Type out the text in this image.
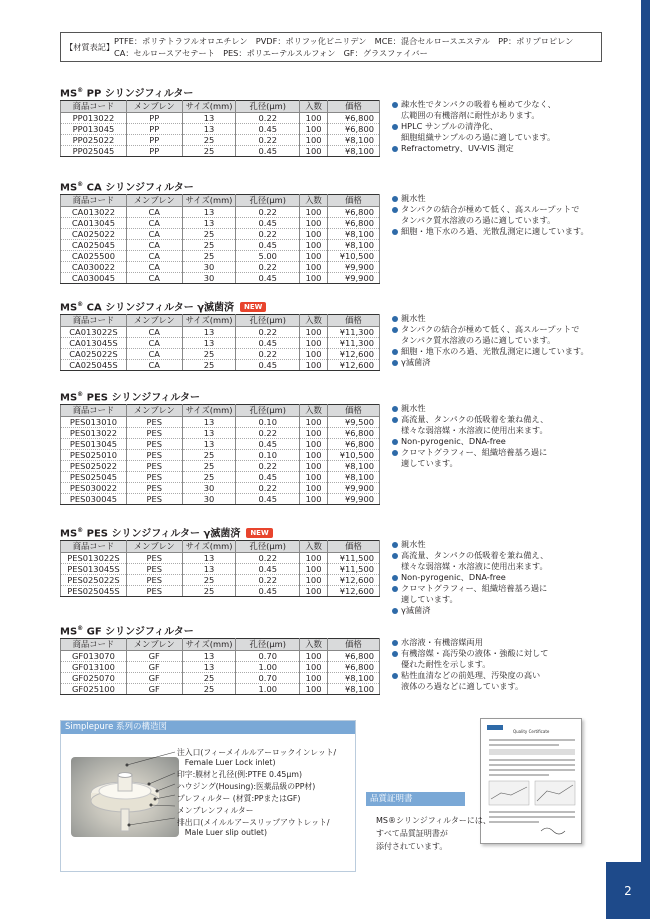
2
【材質表記】
PTFE：ポリテトラフルオロエチレン　PVDF：ポリフッ化ビニリデン　MCE：混合セルロースエステル　PP：ポリプロピレン
CA：セルロースアセテート　PES：ポリエーテルスルフォン　GF：グラスファイバー
MS® PP シリンジフィルター
商品コード	メンブレン	サイズ(mm)	孔径(μm)	入数	価格
PP013022	PP	13	0.22	100	¥6,800
PP013045	PP	13	0.45	100	¥6,800
PP025022	PP	25	0.22	100	¥8,100
PP025045	PP	25	0.45	100	¥8,100
疎水性でタンパクの吸着も極めて少なく、
広範囲の有機溶剤に耐性があります。
HPLC サンプルの清浄化、
細胞組織サンプルのろ過に適しています。
Refractometry、UV-VIS 測定
MS® CA シリンジフィルター
商品コード	メンブレン	サイズ(mm)	孔径(μm)	入数	価格
CA013022	CA	13	0.22	100	¥6,800
CA013045	CA	13	0.45	100	¥6,800
CA025022	CA	25	0.22	100	¥8,100
CA025045	CA	25	0.45	100	¥8,100
CA025500	CA	25	5.00	100	¥10,500
CA030022	CA	30	0.22	100	¥9,900
CA030045	CA	30	0.45	100	¥9,900
親水性
タンパクの結合が極めて低く、高スループットで
タンパク質水溶液のろ過に適しています。
細胞・地下水のろ過、光散乱測定に適しています。
MS® CA シリンジフィルター γ滅菌済 NEW
商品コード	メンブレン	サイズ(mm)	孔径(μm)	入数	価格
CA013022S	CA	13	0.22	100	¥11,300
CA013045S	CA	13	0.45	100	¥11,300
CA025022S	CA	25	0.22	100	¥12,600
CA025045S	CA	25	0.45	100	¥12,600
親水性
タンパクの結合が極めて低く、高スループットで
タンパク質水溶液のろ過に適しています。
細胞・地下水のろ過、光散乱測定に適しています。
γ滅菌済
MS® PES シリンジフィルター
商品コード	メンブレン	サイズ(mm)	孔径(μm)	入数	価格
PES013010	PES	13	0.10	100	¥9,500
PES013022	PES	13	0.22	100	¥6,800
PES013045	PES	13	0.45	100	¥6,800
PES025010	PES	25	0.10	100	¥10,500
PES025022	PES	25	0.22	100	¥8,100
PES025045	PES	25	0.45	100	¥8,100
PES030022	PES	30	0.22	100	¥9,900
PES030045	PES	30	0.45	100	¥9,900
親水性
高流量、タンパクの低吸着を兼ね備え、
様々な弱溶媒・水溶液に使用出来ます。
Non-pyrogenic、DNA-free
クロマトグラフィー、組織培養基ろ過に
適しています。
MS® PES シリンジフィルター γ滅菌済 NEW
商品コード	メンブレン	サイズ(mm)	孔径(μm)	入数	価格
PES013022S	PES	13	0.22	100	¥11,500
PES013045S	PES	13	0.45	100	¥11,500
PES025022S	PES	25	0.22	100	¥12,600
PES025045S	PES	25	0.45	100	¥12,600
親水性
高流量、タンパクの低吸着を兼ね備え、
様々な弱溶媒・水溶液に使用出来ます。
Non-pyrogenic、DNA-free
クロマトグラフィー、組織培養基ろ過に
適しています。
γ滅菌済
MS® GF シリンジフィルター
商品コード	メンブレン	サイズ(mm)	孔径(μm)	入数	価格
GF013070	GF	13	0.70	100	¥6,800
GF013100	GF	13	1.00	100	¥6,800
GF025070	GF	25	0.70	100	¥8,100
GF025100	GF	25	1.00	100	¥8,100
水溶液・有機溶媒両用
有機溶媒・高汚染の液体・強酸に対して
優れた耐性を示します。
粘性血清などの前処理、汚染度の高い
液体のろ過などに適しています。
Simplepure 系列の構造図
注入口(フィーメイルルアーロックインレット/
　Female Luer Lock inlet)
印字:膜材と孔径(例:PTFE 0.45μm)
ハウジング(Housing):医薬品級のPP材)
プレフィルター (材質:PPまたはGF)
メンブレンフィルター
排出口(メイルルアースリップアウトレット/
　Male Luer slip outlet)
Quality Certificate
品質証明書
MS®シリンジフィルターには、
すべて品質証明書が
添付されています。
